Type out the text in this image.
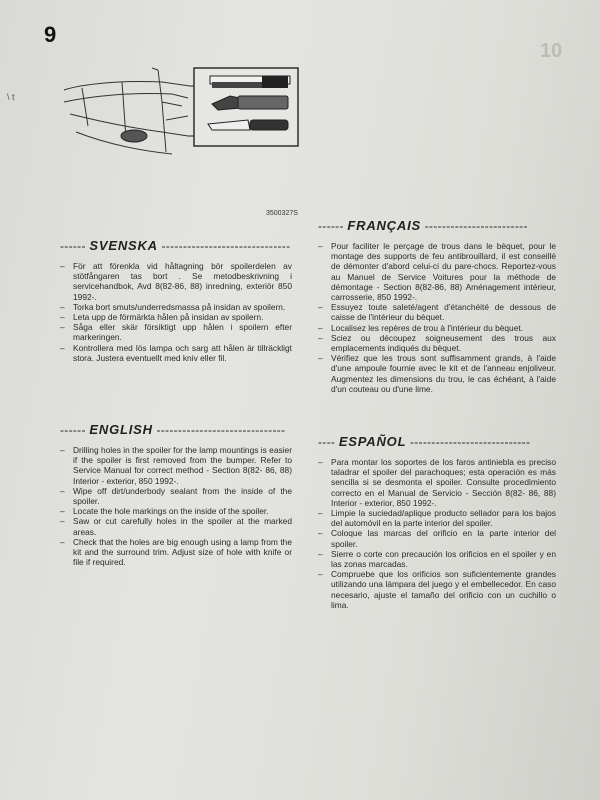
9
10
\ t
3500327S
------ SVENSKA ------------------------------
– För att förenkla vid håltagning bör spoilerdelen av stötfångaren tas bort . Se metodbeskrivning i servicehandbok, Avd 8(82-86, 88) inredning, exteriör 850 1992-.
– Torka bort smuts/underredsmassa på insidan av spoilern.
– Leta upp de förmärkta hålen på insidan av spoilern.
– Såga eller skär försiktigt upp hålen i spoilern efter markeringen.
– Kontrollera med lös lampa och sarg att hålen är tillräckligt stora. Justera eventuellt med kniv eller fil.
------ ENGLISH ------------------------------
– Drilling holes in the spoiler for the lamp mountings is easier if the spoiler is first removed from the bumper. Refer to Service Manual for correct method - Section 8(82- 86, 88) Interior - exterior, 850 1992-.
– Wipe off dirt/underbody sealant from the inside of the spoiler.
– Locate the hole markings on the inside of the spoiler.
– Saw or cut carefully holes in the spoiler at the marked areas.
– Check that the holes are big enough using a lamp from the kit and the surround trim. Adjust size of hole with knife or file if required.
------ FRANÇAIS ------------------------
– Pour faciliter le perçage de trous dans le bèquet, pour le montage des supports de feu antibrouillard, il est conseillé de démonter d'abord celui-ci du pare-chocs. Reportez-vous au Manuel de Service Voitures pour la méthode de démontage - Section 8(82-86, 88) Aménagement intérieur, carrosserie, 850 1992-.
– Essuyez toute saleté/agent d'étanchéité de dessous de caisse de l'intérieur du bèquet.
– Localisez les repères de trou à l'intérieur du bèquet.
– Sciez ou découpez soigneusement des trous aux emplacements indiqués du bèquet.
– Vérifiez que les trous sont suffisamment grands, à l'aide d'une ampoule fournie avec le kit et de l'anneau enjoliveur. Augmentez les dimensions du trou, le cas échéant, à l'aide d'un couteau ou d'une lime.
---- ESPAÑOL ----------------------------
– Para montar los soportes de los faros antiniebla es preciso taladrar el spoiler del parachoques; esta operación es más sencilla si se desmonta el spoiler. Consulte procedimiento correcto en el Manual de Servicio - Sección 8(82- 86, 88) Interior - exterior, 850 1992-.
– Limpie la suciedad/aplique producto sellador para los bajos del automóvil en la parte interior del spoiler.
– Coloque las marcas del orificio en la parte interior del spoiler.
– Sierre o corte con precaución los orificios en el spoiler y en las zonas marcadas.
– Compruebe que los orificios son suficientemente grandes utilizando una lámpara del juego y el embellecedor. En caso necesario, ajuste el tamaño del orificio con un cuchillo o lima.
